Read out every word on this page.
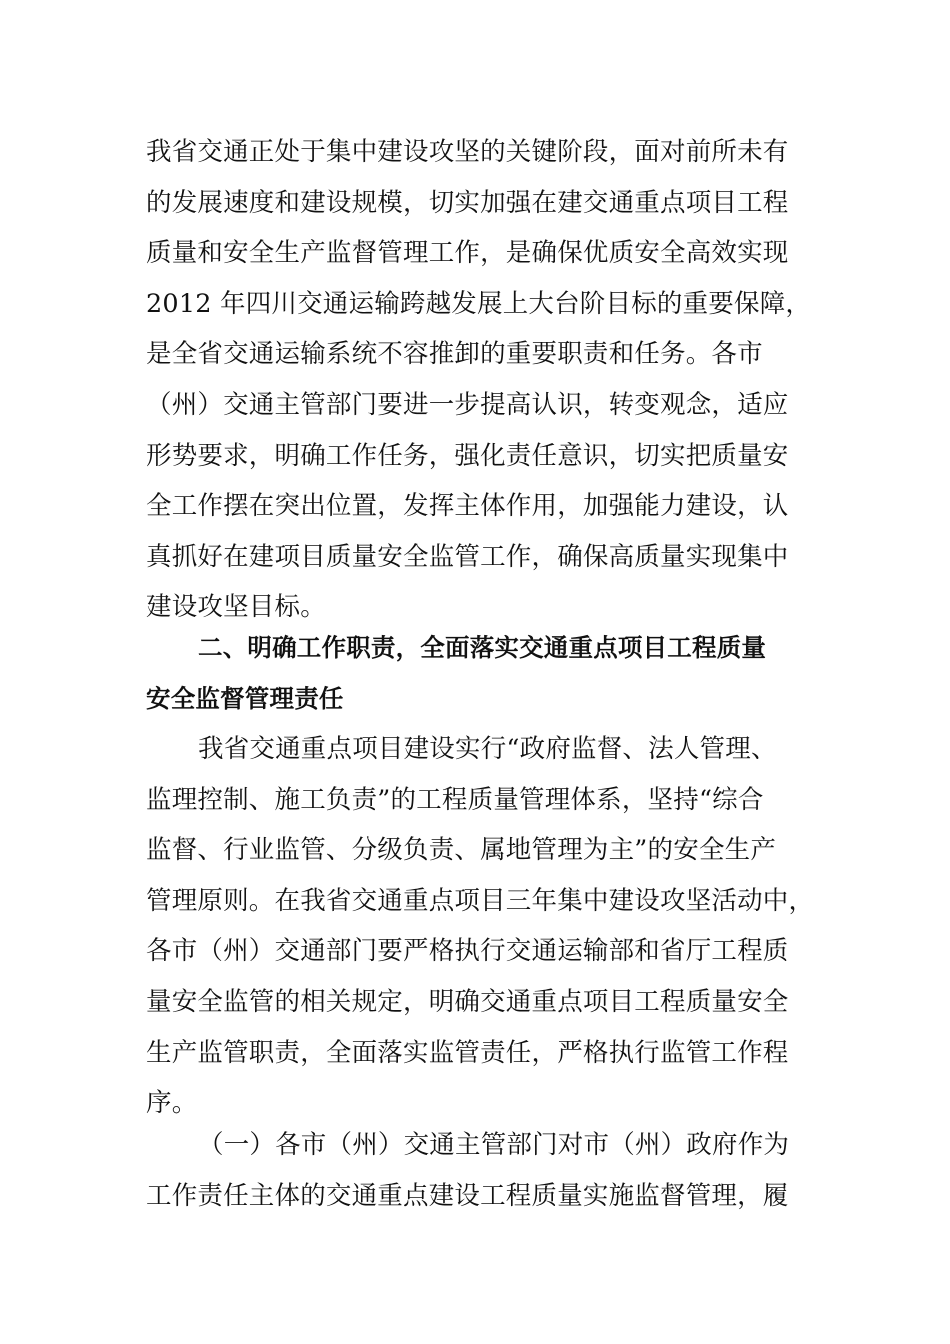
我省交通正处于集中建设攻坚的关键阶段，面对前所未有
的发展速度和建设规模，切实加强在建交通重点项目工程
质量和安全生产监督管理工作，是确保优质安全高效实现
2012 年四川交通运输跨越发展上大台阶目标的重要保障，
是全省交通运输系统不容推卸的重要职责和任务。各市
（州）交通主管部门要进一步提高认识，转变观念，适应
形势要求，明确工作任务，强化责任意识，切实把质量安
全工作摆在突出位置，发挥主体作用，加强能力建设，认
真抓好在建项目质量安全监管工作，确保高质量实现集中
建设攻坚目标。
二、明确工作职责，全面落实交通重点项目工程质量
安全监督管理责任
我省交通重点项目建设实行“政府监督、法人管理、
监理控制、施工负责”的工程质量管理体系，坚持“综合
监督、行业监管、分级负责、属地管理为主”的安全生产
管理原则。在我省交通重点项目三年集中建设攻坚活动中，
各市（州）交通部门要严格执行交通运输部和省厅工程质
量安全监管的相关规定，明确交通重点项目工程质量安全
生产监管职责，全面落实监管责任，严格执行监管工作程
序。
（一）各市（州）交通主管部门对市（州）政府作为
工作责任主体的交通重点建设工程质量实施监督管理，履
